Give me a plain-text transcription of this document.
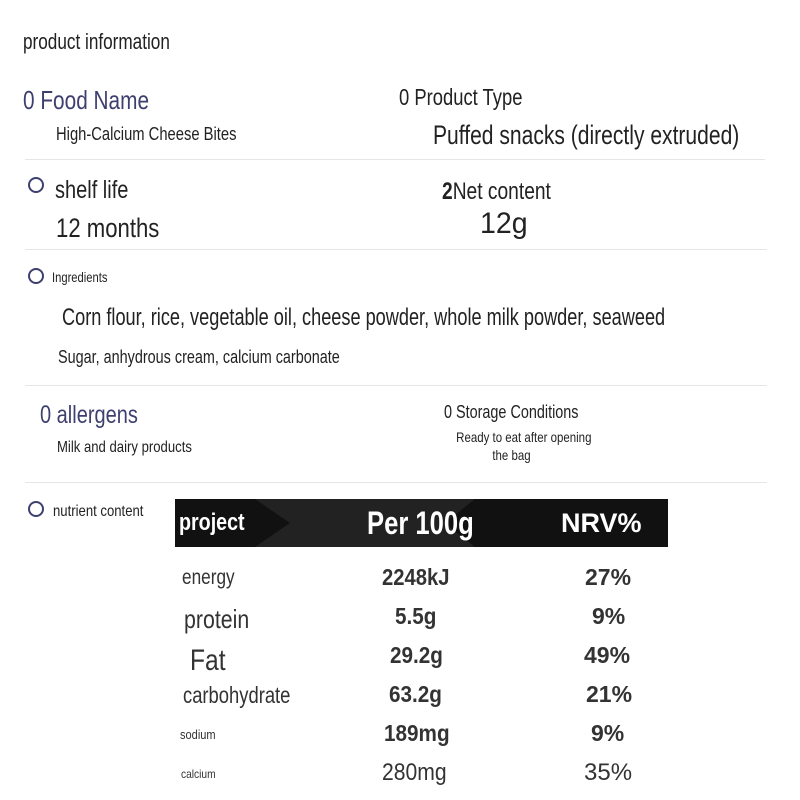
product information
0 Food Name
High-Calcium Cheese Bites
0 Product Type
Puffed snacks (directly extruded)
shelf life
12 months
2Net content
12g
Ingredients
Corn flour, rice, vegetable oil, cheese powder, whole milk powder, seaweed
Sugar, anhydrous cream, calcium carbonate
0 allergens
Milk and dairy products
0 Storage Conditions
Ready to eat after opening
the bag
nutrient content	project	Per 100g	NRV%
energy	2248kJ	27%
protein	5.5g	9%
Fat	29.2g	49%
carbohydrate	63.2g	21%
sodium	189mg	9%
calcium	280mg	35%
